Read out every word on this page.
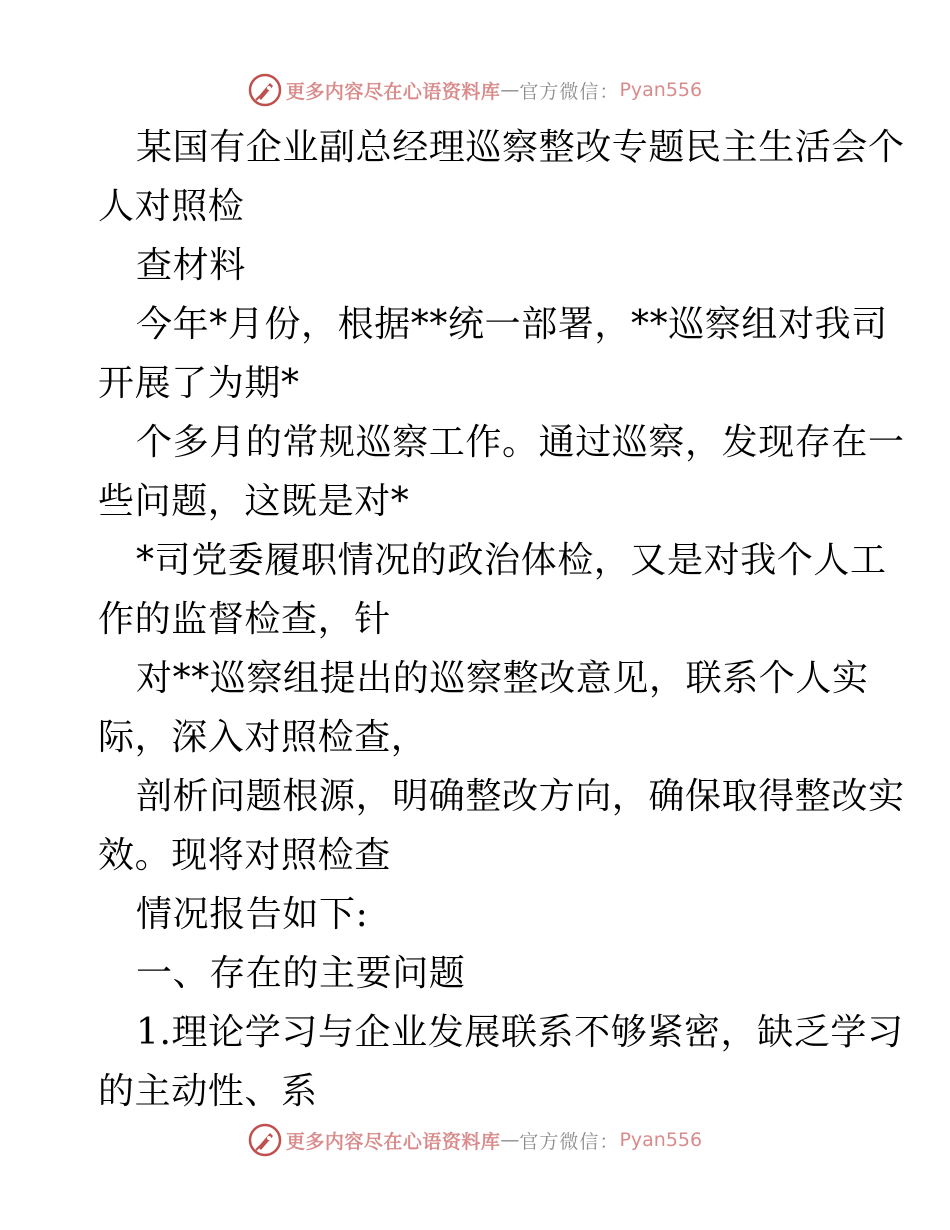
更多内容尽在心语资料库 — 官方微信： Pyan556
某国有企业副总经理巡察整改专题民主生活会个
人对照检
查材料
今年*月份，根据**统一部署，**巡察组对我司
开展了为期*
个多月的常规巡察工作。通过巡察，发现存在一
些问题，这既是对*
*司党委履职情况的政治体检，又是对我个人工
作的监督检查，针
对**巡察组提出的巡察整改意见，联系个人实
际，深入对照检查，
剖析问题根源，明确整改方向，确保取得整改实
效。现将对照检查
情况报告如下:
一、存在的主要问题
1.理论学习与企业发展联系不够紧密，缺乏学习
的主动性、系
更多内容尽在心语资料库 — 官方微信： Pyan556
